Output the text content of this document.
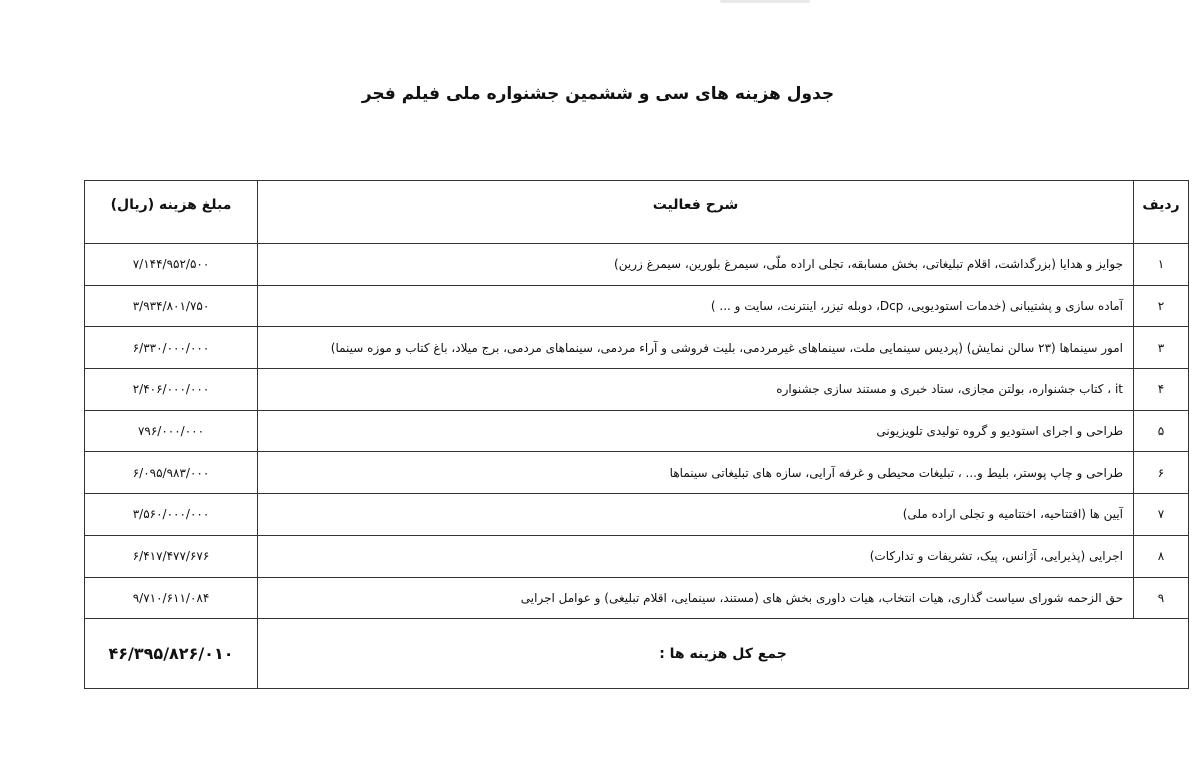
جدول هزینه های سی و ششمین جشنواره ملی فیلم فجر
ردیف	شرح فعالیت	مبلغ هزینه (ریال)
۱	جوایز و هدایا (بزرگداشت، اقلام تبلیغاتی، بخش مسابقه، تجلی اراده ملّی، سیمرغ بلورین، سیمرغ زرین)	۷/۱۴۴/۹۵۲/۵۰۰
۲	آماده سازی و پشتیبانی (خدمات استودیویی، Dcp، دوبله تیزر، اینترنت، سایت و ... )	۳/۹۳۴/۸۰۱/۷۵۰
۳	امور سینماها (۲۳ سالن نمایش) (پردیس سینمایی ملت، سینماهای غیرمردمی، بلیت فروشی و آراء مردمی، سینماهای مردمی، برج میلاد، باغ کتاب و موزه سینما)	۶/۳۳۰/۰۰۰/۰۰۰
۴	it ، کتاب جشنواره، بولتن مجازی، ستاد خبری و مستند سازی جشنواره	۲/۴۰۶/۰۰۰/۰۰۰
۵	طراحی و اجرای استودیو و گروه تولیدی تلویزیونی	۷۹۶/۰۰۰/۰۰۰
۶	طراحی و چاپ پوستر، بلیط و... ، تبلیغات محیطی و غرفه آرایی، سازه های تبلیغاتی سینماها	۶/۰۹۵/۹۸۳/۰۰۰
۷	آیین ها (افتتاحیه، اختتامیه و تجلی اراده ملی)	۳/۵۶۰/۰۰۰/۰۰۰
۸	اجرایی (پذیرایی، آژانس، پیک، تشریفات و تدارکات)	۶/۴۱۷/۴۷۷/۶۷۶
۹	حق الزحمه شورای سیاست گذاری، هیات انتخاب، هیات داوری بخش های (مستند، سینمایی، اقلام تبلیغی) و عوامل اجرایی	۹/۷۱۰/۶۱۱/۰۸۴
جمع کل هزینه ها :		۴۶/۳۹۵/۸۲۶/۰۱۰
